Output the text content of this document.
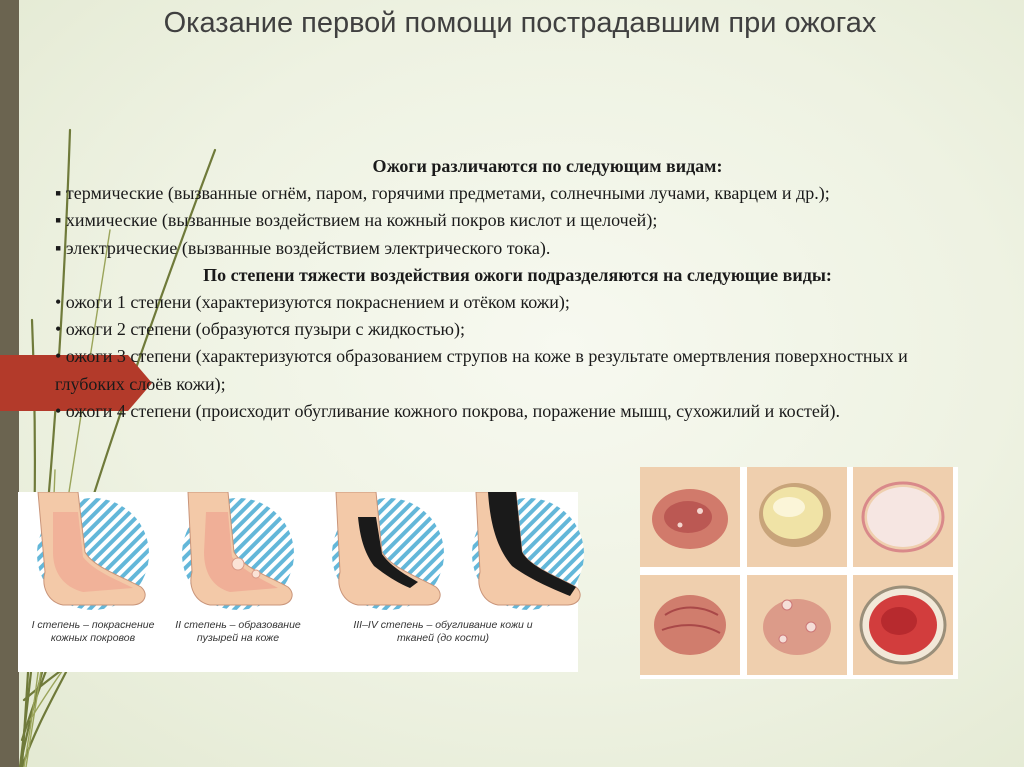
Оказание первой помощи пострадавшим при ожогах

Ожоги различаются по следующим видам:

▪ термические (вызванные огнём, паром, горячими предметами, солнечными лучами, кварцем и др.);

▪ химические (вызванные воздействием на кожный покров кислот и щелочей);

▪ электрические (вызванные воздействием электрического тока).

По степени тяжести воздействия ожоги подразделяются на следующие виды:

• ожоги 1 степени (характеризуются покраснением и отёком кожи);

• ожоги 2 степени (образуются пузыри с жидкостью);

• ожоги 3 степени (характеризуются образованием струпов на коже в результате омертвления поверхностных и глубоких слоёв кожи);

• ожоги 4 степени (происходит обугливание кожного покрова, поражение мышц, сухожилий и костей).

I степень – покраснение кожных покровов
II степень – образование пузырей на коже
III–IV степень – обугливание кожи и тканей (до кости)
